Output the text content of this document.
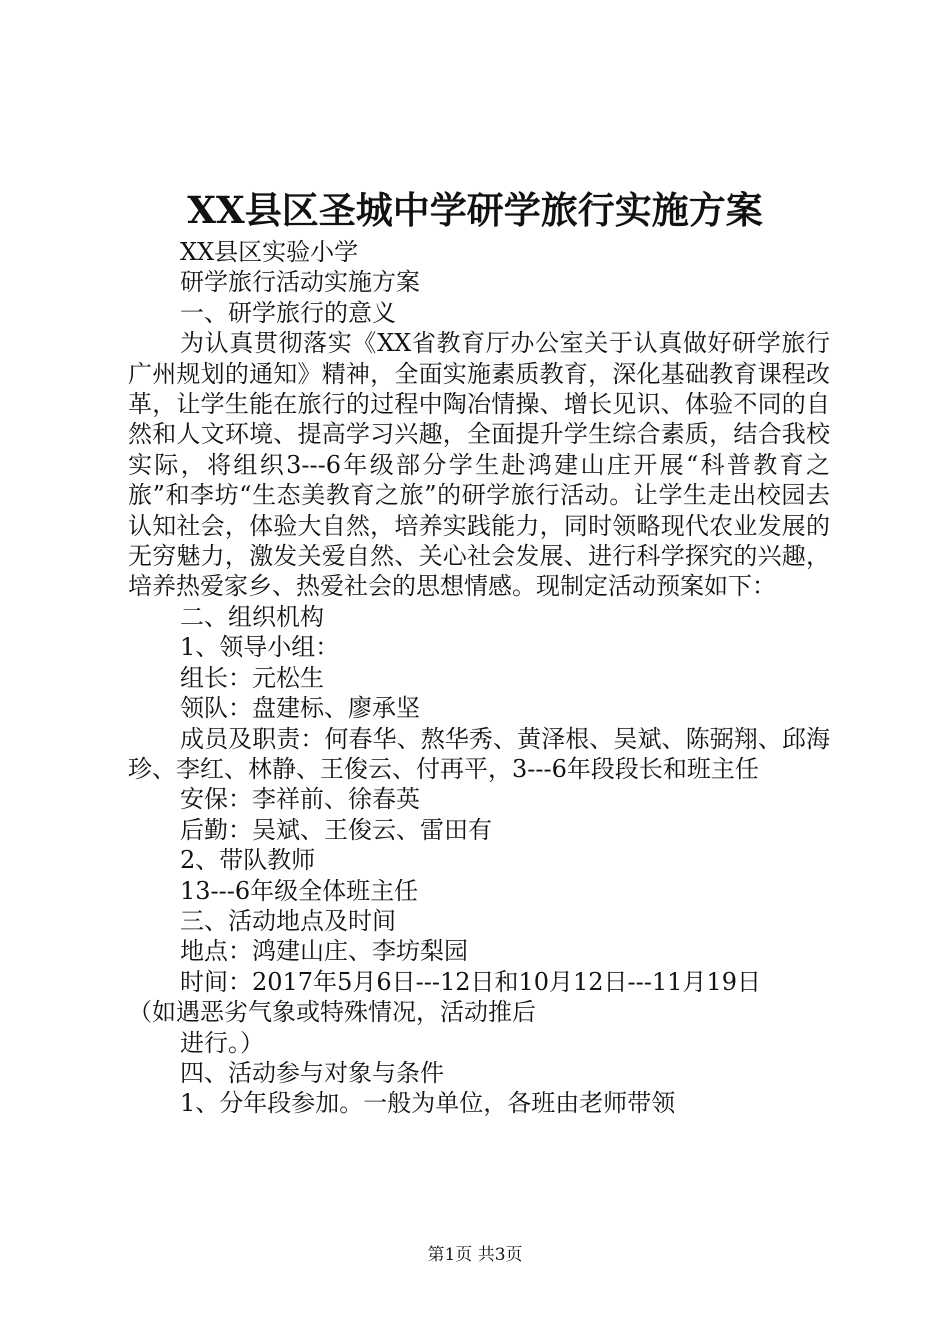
XX县区圣城中学研学旅行实施方案

XX县区实验小学

研学旅行活动实施方案

一、研学旅行的意义

为认真贯彻落实《XX省教育厅办公室关于认真做好研学旅行广州规划的通知》精神，全面实施素质教育，深化基础教育课程改革，让学生能在旅行的过程中陶冶情操、增长见识、体验不同的自然和人文环境、提高学习兴趣，全面提升学生综合素质，结合我校实际，将组织3---6年级部分学生赴鸿建山庄开展“科普教育之旅”和李坊“生态美教育之旅”的研学旅行活动。让学生走出校园去认知社会，体验大自然，培养实践能力，同时领略现代农业发展的无穷魅力，激发关爱自然、关心社会发展、进行科学探究的兴趣，培养热爱家乡、热爱社会的思想情感。现制定活动预案如下：

二、组织机构

1、领导小组：

组长：元松生

领队：盘建标、廖承坚

成员及职责：何春华、熬华秀、黄泽根、吴斌、陈弼翔、邱海珍、李红、林静、王俊云、付再平，3---6年段段长和班主任

安保：李祥前、徐春英

后勤：吴斌、王俊云、雷田有

2、带队教师

13---6年级全体班主任

三、活动地点及时间

地点：鸿建山庄、李坊梨园

时间：2017年5月6日---12日和10月12日---11月19日

（如遇恶劣气象或特殊情况，活动推后

进行。）

四、活动参与对象与条件

1、分年段参加。一般为单位，各班由老师带领

第1页 共3页
